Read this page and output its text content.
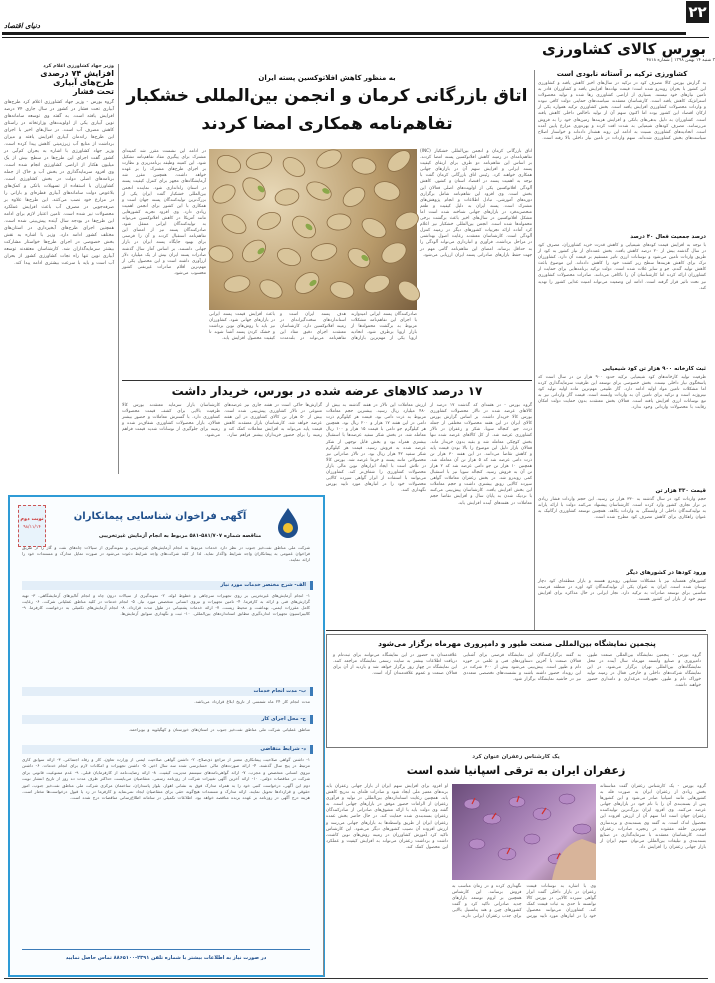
۲۲
دنیای اقتصاد
بورس کالای کشاورزی
۳ شنبه ۱۴ بهمن ۱۳۹۸ | شماره ۴۸۱۸
کشاورزی ترکیه بر آستانه نابودی است
به گزارش بورس کالا مصرف کود در ترکیه در سال‌های اخیر کاهش یافته و کشاورزی این کشور با بحران روبه‌رو شده است؛ قیمت نهاده‌ها افزایش یافته و کشاورزان قادر به تامین نیازهای خود نیستند. بسیاری از اراضی کشاورزی رها شده و تولید محصولات استراتژیک کاهش یافته است. کارشناسان معتقدند سیاست‌های حمایتی دولت کافی نبوده و واردات محصولات کشاورزی افزایش یافته است. بخش کشاورزی ترکیه همواره یکی از ارکان اقتصاد این کشور بوده اما اکنون سهم آن از تولید ناخالص داخلی کاهش یافته است. کشاورزان به دلیل بدهی‌های بانکی و افزایش هزینه‌ها زمین‌های خود را به فروش می‌رسانند. مصرف کودهای شیمیایی به شدت افت کرده و بهره‌وری مزارع پایین آمده است. اتحادیه‌های کشاورزی نسبت به ادامه این روند هشدار داده‌اند و خواستار اصلاح سیاست‌های بخش کشاورزی شده‌اند. سهم واردات در تامین نیاز داخلی بالا رفته است.
درصد جمعیت فعال ۴۰ درصد
با توجه به افزایش قیمت کودهای شیمیایی و کاهش قدرت خرید کشاورزان، مصرف کود در سال گذشته بیش از ۲۰ درصد کاهش یافت. بخش عمده‌ای از نیاز کشور به کود از طریق واردات تامین می‌شود و نوسانات ارزی تاثیر مستقیم بر قیمت آن دارد. کشاورزان ترک برای کاهش هزینه‌ها سطح زیر کشت خود را کاهش داده‌اند. این موضوع باعث کاهش تولید گندم، جو و سایر غلات شده است. دولت ترکیه برنامه‌هایی برای حمایت از کشاورزان ارائه کرده اما کارشناسان آن را ناکافی می‌دانند. صادرات محصولات کشاورزی نیز تحت تاثیر قرار گرفته است. ادامه این وضعیت می‌تواند امنیت غذایی کشور را تهدید کند.
ثبت کارخانه ۹۰۰ هزار تن کود شیمیایی
ظرفیت تولید کارخانه‌های کود شیمیایی ترکیه حدود ۹۰۰ هزار تن در سال است که پاسخگوی نیاز داخلی نیست. بخش خصوصی برای توسعه این ظرفیت سرمایه‌گذاری کرده اما مشکلات تامین مواد اولیه ادامه دارد. گاز طبیعی مهم‌ترین ماده اولیه تولید کود نیتروژنه است و ترکیه برای تامین آن به واردات وابسته است. قیمت گاز وارداتی نیز به تبع نوسانات ارزی افزایش یافته است. فعالان بخش معتقدند بدون حمایت دولت امکان رقابت با محصولات وارداتی وجود ندارد.
قیمت ۳۳۰ هزار تن
حجم واردات کود در سال گذشته به ۳۳۰ هزار تن رسید. این حجم واردات فشار زیادی بر تراز تجاری کشور وارد کرده است. کارشناسان پیشنهاد می‌کنند دولت با ارائه یارانه به تولیدکنندگان داخلی از وابستگی به واردات بکاهد. همچنین توسعه کشاورزی ارگانیک به عنوان راهکاری برای کاهش مصرف کود مطرح شده است.
ورود کودها در کشورهای دیگر
کشورهای همسایه نیز با مشکلات مشابهی روبه‌رو هستند و بازار منطقه‌ای کود دچار نوسان شده است. ایران به عنوان یکی از تولیدکنندگان کود اوره در منطقه فرصت مناسبی برای توسعه صادرات به ترکیه دارد. تجار ایرانی در حال مذاکره برای افزایش سهم خود از بازار این کشور هستند.
وزیر جهاد کشاورزی اعلام کرد
افزایش ۷۴ درصدی
طرح‌های آبیاری
تحت فشار
گروه بورس - وزیر جهاد کشاورزی اعلام کرد طرح‌های آبیاری تحت فشار در کشور در سال جاری ۷۴ درصد افزایش یافته است. به گفته وی توسعه سامانه‌های نوین آبیاری یکی از اولویت‌های وزارتخانه در راستای کاهش مصرف آب است. در سال‌های اخیر با اجرای این طرح‌ها راندمان آبیاری افزایش یافته و میزان برداشت از منابع آب زیرزمینی کاهش پیدا کرده است. وزیر جهاد کشاورزی با اشاره به بحران کم‌آبی در کشور گفت اجرای این طرح‌ها در سطح بیش از یک میلیون هکتار از اراضی کشاورزی انجام شده است. وی افزود سرمایه‌گذاری در بخش آب و خاک از جمله برنامه‌های اصلی دولت در بخش کشاورزی است. کشاورزان با استفاده از تسهیلات بانکی و کمک‌های بلاعوض دولت سامانه‌های آبیاری قطره‌ای و بارانی را در مزارع خود نصب می‌کنند. این طرح‌ها علاوه بر صرفه‌جویی در مصرف آب باعث افزایش عملکرد محصولات نیز شده است. تامین اعتبار لازم برای ادامه این طرح‌ها در بودجه سال آینده پیش‌بینی شده است. همچنین اجرای طرح‌های آبخیزداری در استان‌های مختلف کشور ادامه دارد. وزیر با اشاره به نقش بخش خصوصی در اجرای طرح‌ها خواستار مشارکت بیشتر سرمایه‌گذاران شد. کارشناسان معتقدند توسعه آبیاری نوین تنها راه نجات کشاورزی کشور از بحران آب است و باید با سرعت بیشتری ادامه پیدا کند.
به منظور کاهش افلاتوکسین پسته ایران
اتاق بازرگانی کرمان و انجمن بین‌المللی خشکبار
تفاهم‌نامه همکاری امضا کردند
اتاق بازرگانی کرمان و انجمن بین‌المللی خشکبار (INC) تفاهم‌نامه‌ای در زمینه کاهش افلاتوکسین پسته امضا کردند. بر اساس این تفاهم‌نامه دو طرف برای ارتقای کیفیت پسته ایرانی و افزایش سهم آن در بازارهای جهانی همکاری خواهند کرد. رئیس اتاق بازرگانی کرمان گفت با توجه به اهمیت پسته در اقتصاد استان و کشور، کاهش آلودگی افلاتوکسین یکی از اولویت‌های اصلی فعالان این بخش است. وی افزود این تفاهم‌نامه شامل برگزاری دوره‌های آموزشی، تبادل اطلاعات و انجام پژوهش‌های مشترک است. پسته ایران به دلیل کیفیت و طعم منحصربه‌فرد در بازارهای جهانی شناخته شده است اما مشکل افلاتوکسین در سال‌های اخیر باعث برگشت برخی محموله‌ها شده است. انجمن بین‌المللی خشکبار نیز اعلام کرد آماده ارائه تجربیات کشورهای دیگر در زمینه کنترل آلودگی است. کارشناسان معتقدند رعایت اصول بهداشتی در مراحل برداشت، فرآوری و انبارداری می‌تواند آلودگی را به حداقل برساند. امضای این تفاهم‌نامه گامی مهم در جهت حفظ بازارهای صادراتی پسته ایران ارزیابی می‌شود.
در ادامه این نشست مقرر شد کمیته‌ای مشترک برای پیگیری مفاد تفاهم‌نامه تشکیل شود. این کمیته وظیفه برنامه‌ریزی و نظارت بر اجرای طرح‌های مشترک را بر عهده خواهد داشت. همچنین مقرر شد آزمایشگاه‌های مجهز برای کنترل کیفیت پسته در استان راه‌اندازی شود. نماینده انجمن بین‌المللی خشکبار گفت ایران یکی از بزرگ‌ترین تولیدکنندگان پسته جهان است و همکاری با این کشور برای انجمن اهمیت زیادی دارد. وی افزود تجربه کشورهایی مانند آمریکا در کاهش افلاتوکسین می‌تواند به تولیدکنندگان ایرانی منتقل شود. صادرکنندگان پسته نیز از امضای این تفاهم‌نامه استقبال کردند و آن را فرصتی برای بهبود جایگاه پسته ایران در بازار جهانی دانستند. بر اساس آمار سال گذشته صادرات پسته ایران بیش از یک میلیارد دلار ارزآوری داشته است و این محصول یکی از مهم‌ترین اقلام صادرات غیرنفتی کشور محسوب می‌شود.
صادرکنندگان پسته ایرانی امیدوارند با اجرای این تفاهم‌نامه مشکلات مربوط به برگشت محموله‌ها از بازار اروپا برطرف شود. اتحادیه اروپا یکی از مهم‌ترین بازارهای هدف پسته ایران است و استانداردهای سخت‌گیرانه‌ای در زمینه افلاتوکسین دارد. کارشناسان معتقدند اجرای دقیق مفاد این تفاهم‌نامه می‌تواند در بلندمدت باعث افزایش قیمت پسته ایرانی در بازارهای جهانی شود. کشاورزان نیز باید با روش‌های نوین برداشت و خشک کردن پسته آشنا شوند تا کیفیت محصول افزایش یابد.
۱۷ درصد کالاهای عرضه شده در بورس، خریدار داشت
گروه بورس - در هفته‌ای که گذشت ۱۷ درصد از کالاهای عرضه شده در تالار محصولات کشاورزی بورس کالا خریدار داشت. بر اساس گزارش بورس کالای ایران در این هفته محصولات مختلفی از جمله ذرت، جو، کنجاله سویا، شکر و زعفران در تالار کشاورزی عرضه شد. از کل کالاهای عرضه شده تنها بخش کوچکی معامله شد و بقیه بدون خریدار ماند. فعالان بازار دلیل این موضوع را بالا بودن قیمت پایه و کاهش تقاضا می‌دانند. در این هفته ۳۰ هزار تن ذرت دامی عرضه شد که ۵ هزار تن آن معامله شد. همچنین ۱۰ هزار تن جو دامی عرضه شد که ۲ هزار تن آن به فروش رسید. کنجاله سویا نیز با استقبال کمی روبه‌رو شد. در بخش زعفران معاملات گواهی سپرده کالایی رونق بیشتری داشت و حجم معاملات این بخش افزایش یافت. کارشناسان پیش‌بینی می‌کنند با نزدیک شدن به پایان سال و افزایش تقاضا حجم معاملات در هفته‌های آینده افزایش یابد.
ارزش معاملات این تالار در هفته گذشته به بیش از ۴۸۰ میلیارد ریال رسید. بیشترین حجم معاملات مربوط به ذرت دامی بود. قیمت هر کیلوگرم ذرت دامی در این هفته ۱۷ هزار و ۲۰۰ ریال بود. همچنین هر کیلوگرم جو دامی با قیمت ۱۵ هزار و ۱۰۰ ریال معامله شد. در بخش شکر سفید عرضه‌ها با استقبال بیشتری همراه بود و بخش قابل توجهی از شکر عرضه شده به فروش رسید. قیمت هر کیلوگرم شکر سفید ۴۲ هزار ریال بود. در تالار صادراتی نیز محصولاتی مانند پسته و خرما عرضه شد. بورس کالا در تلاش است با ایجاد ابزارهای نوین مالی بازار محصولات کشاورزی را شفاف‌تر کند. کشاورزان می‌توانند با استفاده از ابزار گواهی سپرده کالایی محصولات خود را در انبارهای مورد تایید بورس نگهداری کنند.
گزارش‌ها حاکی است در هفته جاری نیز عرضه‌های متنوعی در تالار کشاورزی پیش‌بینی شده است. بیش از ۵۰ هزار تن کالای کشاورزی در این هفته عرضه خواهد شد. کارشناسان بازار معتقدند کاهش قیمت پایه می‌تواند به افزایش معاملات کمک کند و زمینه را برای حضور خریداران بیشتر فراهم سازد.
کارشناسان بازار سرمایه معتقدند بورس کالا ظرفیت بالایی برای کشف قیمت محصولات کشاورزی دارد. با گسترش معاملات و حضور بیشتر فعالان، بازار محصولات کشاورزی شفاف‌تر شده و زمینه برای جلوگیری از نوسانات شدید قیمت فراهم می‌شود.
نوبت دوم
۹۸/۱۱/۱۴
آگهی فراخوان شناسایی پیمانکاران
مناقصه شماره ۵۸۱/۷۰۷-۵۸۱ مربوط به انجام آزمایش غیرتخریبی
شرکت ملی مناطق نفت‌خیز جنوب در نظر دارد خدمات مربوط به انجام آزمایش‌های غیرتخریبی و نمونه‌گیری از سیالات چاه‌های نفت و گاز را از طریق فراخوان عمومی به پیمانکاران واجد شرایط واگذار نماید. لذا از کلیه شرکت‌های واجد شرایط دعوت می‌شود در صورت تمایل مدارک و مستندات خود را ارائه نمایند.
الف- شرح مختصر خدمات مورد نیاز
۱- انجام آزمایش‌های غیرتخریبی بر روی تجهیزات سرچاهی و خطوط لوله. ۲- نمونه‌گیری از سیالات درون چاه و انجام آنالیزهای آزمایشگاهی. ۳- تهیه گزارش‌های فنی و ارائه به کارفرما. ۴- تامین تجهیزات و نیروی انسانی متخصص مورد نیاز. ۵- انجام خدمات در کلیه مناطق عملیاتی شرکت. ۶- رعایت کامل مقررات ایمنی، بهداشت و محیط زیست. ۷- ارائه خدمات پشتیبانی در طول مدت قرارداد. ۸- انجام آزمایش‌های تکمیلی به درخواست کارفرما. ۹- کالیبراسیون تجهیزات اندازه‌گیری مطابق استانداردهای بین‌المللی. ۱۰- ثبت و نگهداری سوابق آزمایش‌ها.
ب- مدت انجام خدمات
مدت انجام کار ۲۴ ماه شمسی از تاریخ ابلاغ قرارداد می‌باشد.
ج- محل اجرای کار
مناطق عملیاتی شرکت ملی مناطق نفت‌خیز جنوب در استان‌های خوزستان و کهگیلویه و بویراحمد.
د- شرایط متقاضی
۱- داشتن گواهی صلاحیت پیمانکاری معتبر از مراجع ذی‌صلاح. ۲- داشتن گواهی صلاحیت ایمنی از وزارت تعاون، کار و رفاه اجتماعی. ۳- ارائه سوابق کاری مرتبط در پنج سال گذشته. ۴- ارائه صورت‌های مالی حسابرسی شده سه سال اخیر. ۵- داشتن تجهیزات و امکانات لازم برای انجام خدمات. ۶- داشتن نیروی انسانی متخصص و مجرب. ۷- ارائه گواهی‌نامه‌های سیستم مدیریت کیفیت. ۸- ارائه رضایت‌نامه از کارفرمایان قبلی. ۹- عدم ممنوعیت قانونی برای شرکت در مناقصات دولتی. ۱۰- ارائه آخرین آگهی تغییرات شرکت از روزنامه رسمی. متقاضیان می‌بایست حداکثر ظرف مدت ده روز از تاریخ انتشار نوبت دوم این آگهی، درخواست کتبی خود را به همراه مدارک فوق به نشانی اهواز، بلوار پاسداران، ساختمان مرکزی شرکت ملی مناطق نفت‌خیز جنوب، امور حقوقی و قراردادها تحویل نمایند. ارائه مدارک و مستندات هیچ‌گونه حقی برای متقاضیان ایجاد نمی‌نماید و کارفرما در رد یا قبول درخواست‌ها مختار است. هزینه درج آگهی در روزنامه بر عهده برنده مناقصه خواهد بود. اطلاعات تکمیلی در سامانه اطلاع‌رسانی مناقصات درج شده است.
در صورت نیاز به اطلاعات بیشتر با شماره تلفن ۲۳۹۱-۸۸۶۵۱۰۰ تماس حاصل نمایید
پنجمین نمایشگاه بین‌المللی صنعت طیور و دامپروری مهرماه برگزار می‌شود
گروه بورس - پنجمین نمایشگاه بین‌المللی صنعت طیور، دامپروری و صنایع وابسته مهرماه سال آینده در محل نمایشگاه‌های بین‌المللی تهران برگزار می‌شود. در این نمایشگاه شرکت‌های داخلی و خارجی فعال در زمینه تولید خوراک دام و طیور، تجهیزات مرغداری و دامداری حضور خواهند داشت.
به گفته برگزارکنندگان این نمایشگاه فرصتی برای آشنایی فعالان صنعت با آخرین دستاوردهای فنی و علمی در حوزه دام و طیور است. پیش‌بینی می‌شود بیش از ۳۰۰ شرکت در این رویداد حضور داشته باشند و نشست‌های تخصصی متعددی نیز در حاشیه نمایشگاه برگزار شود.
علاقه‌مندان به حضور در این نمایشگاه می‌توانند برای ثبت‌نام و دریافت اطلاعات بیشتر به سایت رسمی نمایشگاه مراجعه کنند. این نمایشگاه در چهار روز برگزار خواهد شد و بازدید از آن برای فعالان صنعت و عموم علاقه‌مندان آزاد است.
یک کارشناس زعفران عنوان کرد
زعفران ایران به ترقی اسپانیا شده است
گروه بورس - یک کارشناس زعفران گفت متاسفانه بخش زیادی از زعفران ایران به صورت فله به کشورهایی مانند اسپانیا صادر می‌شود و این کشورها پس از بسته‌بندی آن را با نام خود در بازارهای جهانی عرضه می‌کنند. وی افزود ایران بزرگ‌ترین تولیدکننده زعفران جهان است اما سهم آن از ارزش افزوده این محصول اندک است. به گفته وی بسته‌بندی و برندسازی مهم‌ترین حلقه مفقوده در زنجیره صادرات زعفران است. کارشناسان معتقدند با سرمایه‌گذاری در صنایع بسته‌بندی و تبلیغات بین‌المللی می‌توان سهم ایران از بازار جهانی زعفران را افزایش داد.
وی با اشاره به نوسانات قیمت زعفران در بازار داخلی گفت ابزار گواهی سپرده کالایی در بورس کالا توانسته تا حدی به ثبات قیمت کمک کند. کشاورزان می‌توانند محصول خود را در انبارهای مورد تایید بورس نگهداری کرده و در زمان مناسب به فروش برسانند. این کارشناس همچنین بر لزوم توسعه بازارهای جدید صادراتی تاکید کرد و گفت کشورهای چین و هند پتانسیل بالایی برای جذب زعفران ایرانی دارند.
او افزود برای افزایش سهم ایران از بازار جهانی زعفران باید برندهای معتبر ملی ایجاد شود و صادرات فله‌ای به تدریج کاهش یابد. همچنین رعایت استانداردهای بین‌المللی در تولید و فرآوری زعفران از الزامات حضور موفق در بازارهای جهانی است. به گفته وی دولت باید با ارائه مشوق‌های صادراتی از صادرکنندگان زعفران بسته‌بندی شده حمایت کند. در حال حاضر بخش عمده زعفران ایران از طریق واسطه‌ها به بازارهای جهانی می‌رسد و ارزش افزوده آن نصیب کشورهای دیگر می‌شود. این کارشناس تاکید کرد آموزش کشاورزان در زمینه روش‌های نوین کاشت، داشت و برداشت زعفران می‌تواند به افزایش کیفیت و عملکرد این محصول کمک کند.
